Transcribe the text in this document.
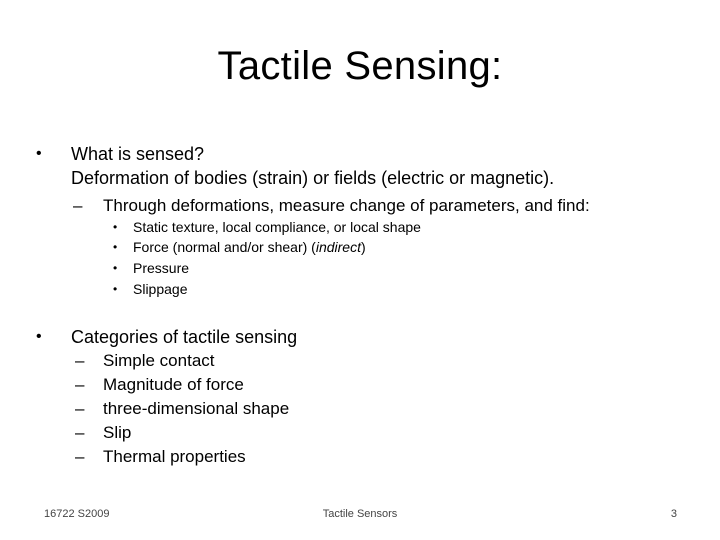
Tactile Sensing:
• What is sensed?
Deformation of bodies (strain) or fields (electric or magnetic).
– Through deformations, measure change of parameters, and find:
• Static texture, local compliance, or local shape
• Force (normal and/or shear) (indirect)
• Pressure
• Slippage
• Categories of tactile sensing
– Simple contact
– Magnitude of force
– three-dimensional shape
– Slip
– Thermal properties
16722 S2009	Tactile Sensors	3
